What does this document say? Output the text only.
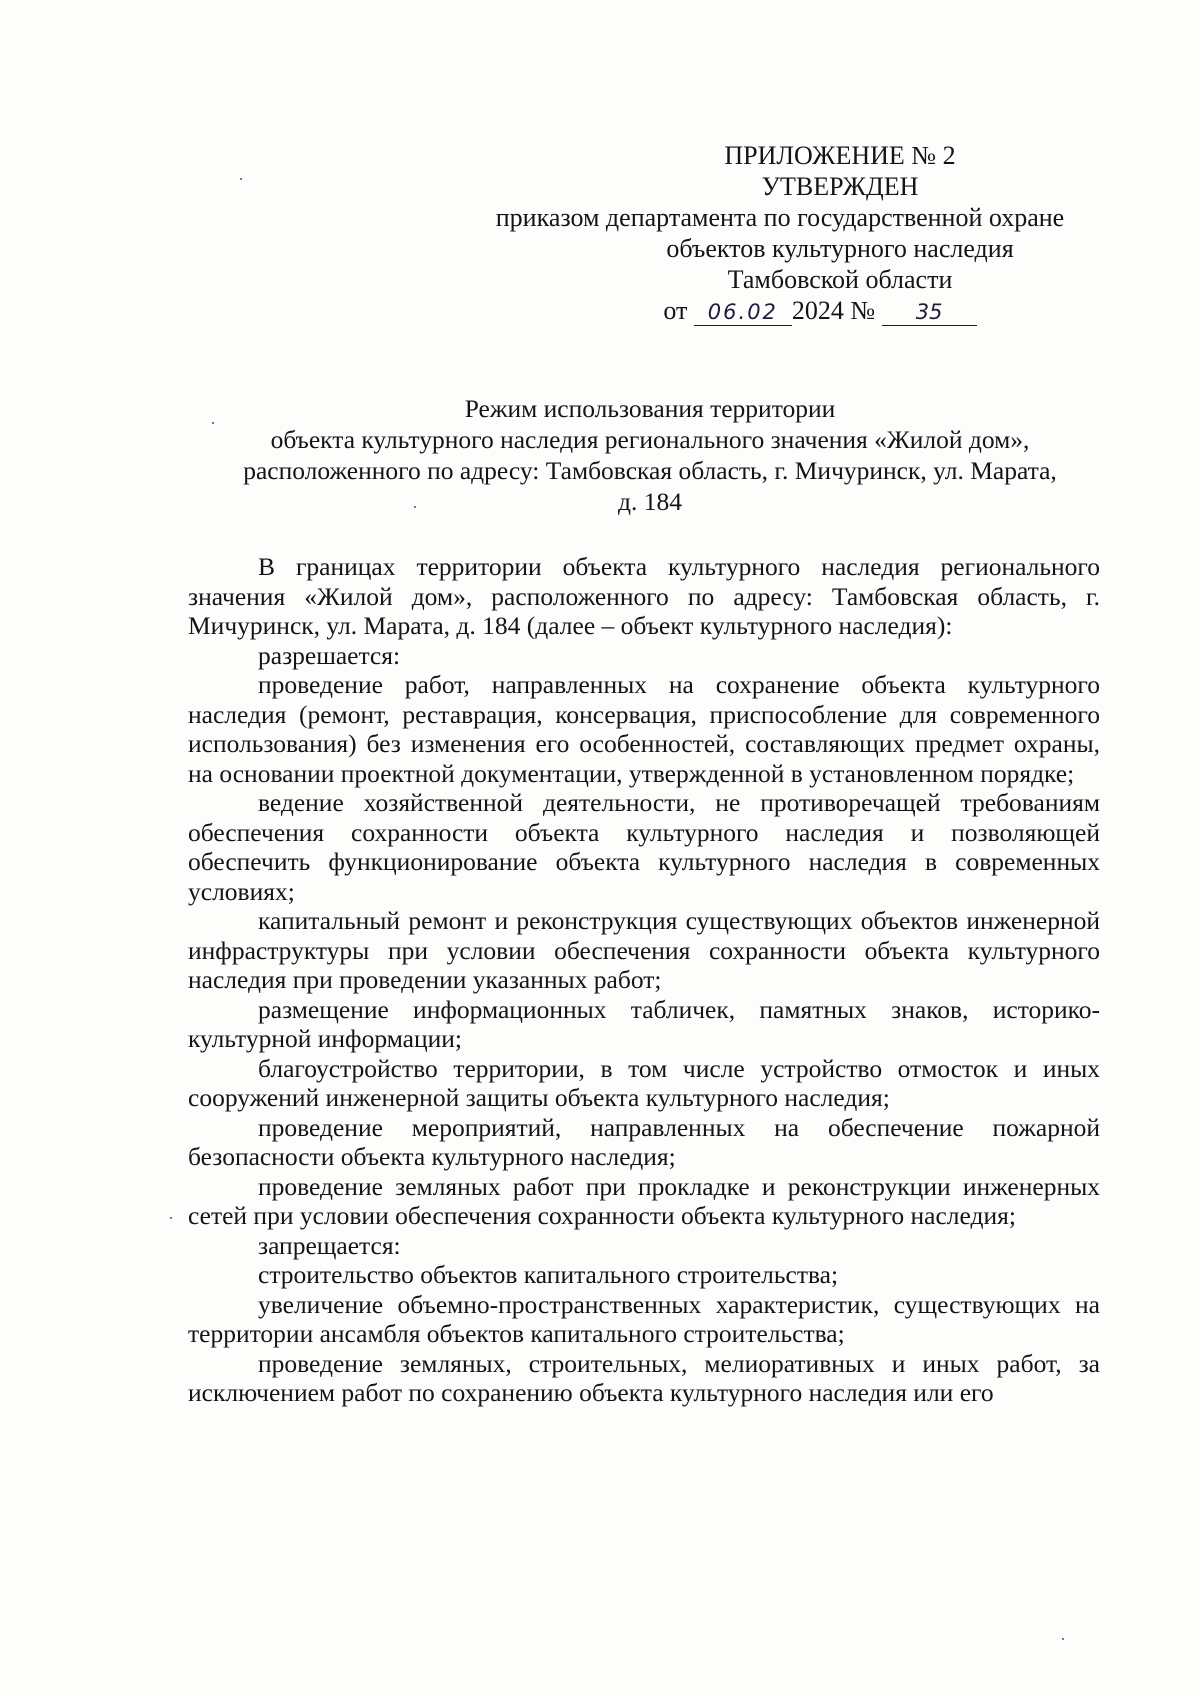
ПРИЛОЖЕНИЕ № 2
УТВЕРЖДЕН
приказом департамента по государственной охране
объектов культурного наследия
Тамбовской области
от 06.02 2024 № 35
Режим использования территории
объекта культурного наследия регионального значения «Жилой дом»,
расположенного по адресу: Тамбовская область, г. Мичуринск, ул. Марата,
д. 184

В границах территории объекта культурного наследия регионального значения «Жилой дом», расположенного по адресу: Тамбовская область, г. Мичуринск, ул. Марата, д. 184 (далее – объект культурного наследия):

разрешается:

проведение работ, направленных на сохранение объекта культурного наследия (ремонт, реставрация, консервация, приспособление для современного использования) без изменения его особенностей, составляющих предмет охраны, на основании проектной документации, утвержденной в установленном порядке;

ведение хозяйственной деятельности, не противоречащей требованиям обеспечения сохранности объекта культурного наследия и позволяющей обеспечить функционирование объекта культурного наследия в современных условиях;

капитальный ремонт и реконструкция существующих объектов инженерной инфраструктуры при условии обеспечения сохранности объекта культурного наследия при проведении указанных работ;

размещение информационных табличек, памятных знаков, историко-культурной информации;

благоустройство территории, в том числе устройство отмосток и иных сооружений инженерной защиты объекта культурного наследия;

проведение мероприятий, направленных на обеспечение пожарной безопасности объекта культурного наследия;

проведение земляных работ при прокладке и реконструкции инженерных сетей при условии обеспечения сохранности объекта культурного наследия;

запрещается:

строительство объектов капитального строительства;

увеличение объемно-пространственных характеристик, существующих на территории ансамбля объектов капитального строительства;

проведение земляных, строительных, мелиоративных и иных работ, за исключением работ по сохранению объекта культурного наследия или его
